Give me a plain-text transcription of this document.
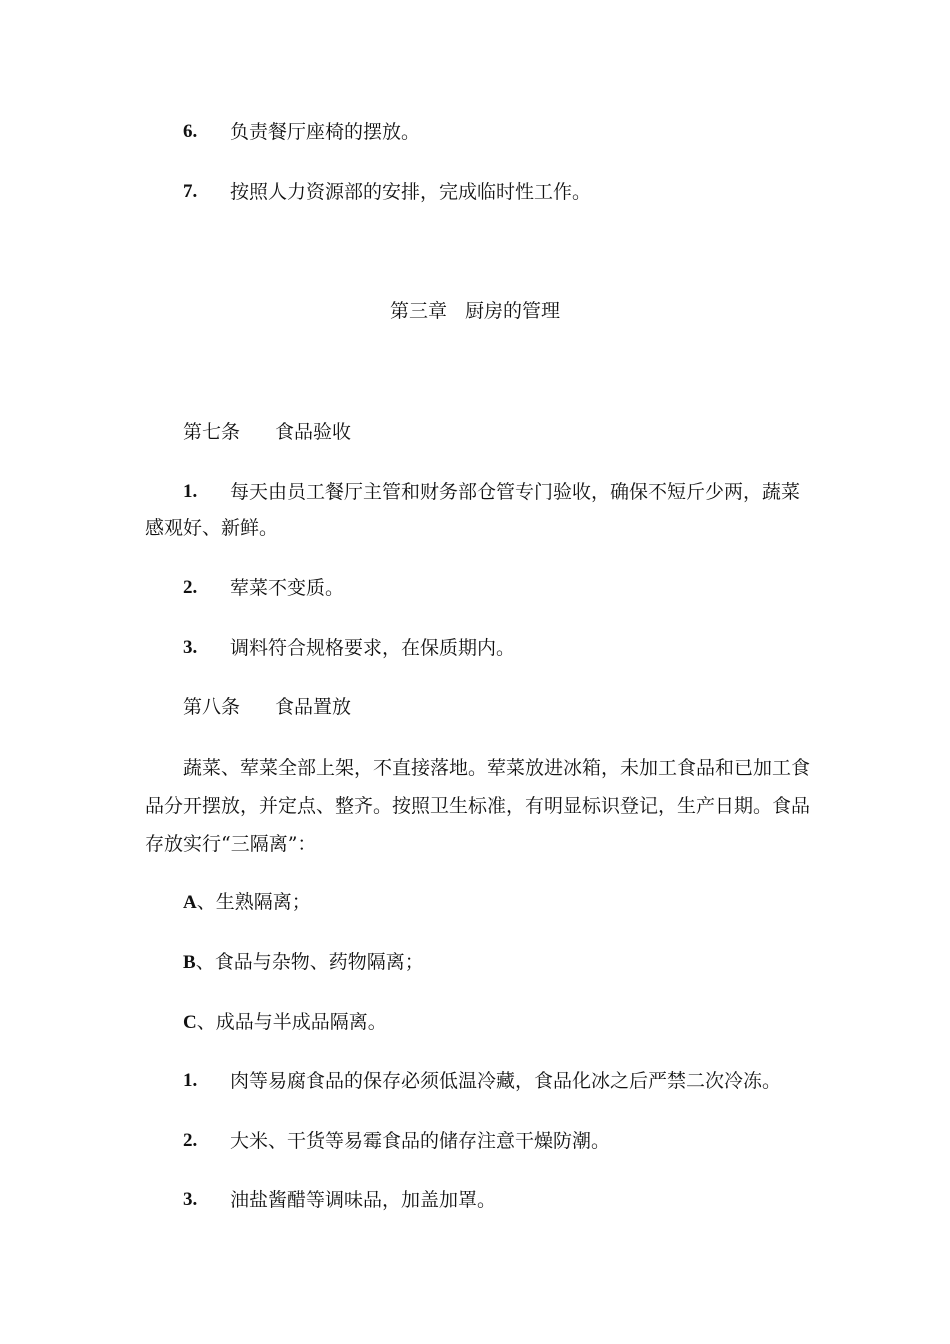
6. 负责餐厅座椅的摆放。
7. 按照人力资源部的安排，完成临时性工作。
第三章   厨房的管理
第七条 食品验收
1. 每天由员工餐厅主管和财务部仓管专门验收，确保不短斤少两，蔬菜
感观好、新鲜。
2. 荤菜不变质。
3. 调料符合规格要求，在保质期内。
第八条 食品置放
蔬菜、荤菜全部上架，不直接落地。荤菜放进冰箱，未加工食品和已加工食品分开摆放，并定点、整齐。按照卫生标准，有明显标识登记，生产日期。食品存放实行“三隔离”：
A、生熟隔离；
B、食品与杂物、药物隔离；
C、成品与半成品隔离。
1. 肉等易腐食品的保存必须低温冷藏，食品化冰之后严禁二次冷冻。
2. 大米、干货等易霉食品的储存注意干燥防潮。
3. 油盐酱醋等调味品，加盖加罩。
